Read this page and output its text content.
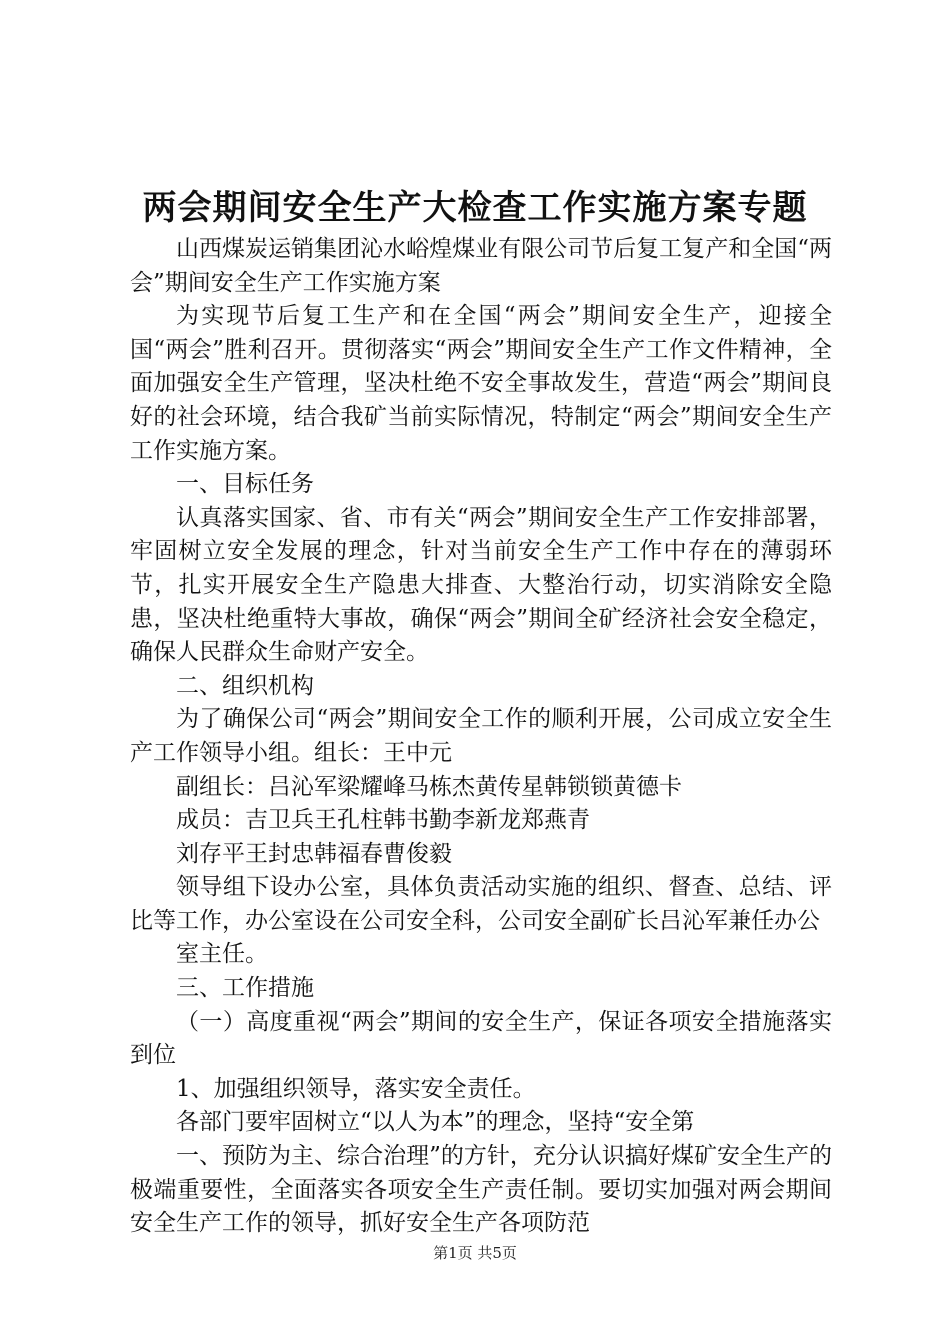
两会期间安全生产大检查工作实施方案专题

山西煤炭运销集团沁水峪煌煤业有限公司节后复工复产和全国“两会”期间安全生产工作实施方案

为实现节后复工生产和在全国“两会”期间安全生产，迎接全国“两会”胜利召开。贯彻落实“两会”期间安全生产工作文件精神，全面加强安全生产管理，坚决杜绝不安全事故发生，营造“两会”期间良好的社会环境，结合我矿当前实际情况，特制定“两会”期间安全生产工作实施方案。

一、目标任务

认真落实国家、省、市有关“两会”期间安全生产工作安排部署，牢固树立安全发展的理念，针对当前安全生产工作中存在的薄弱环节，扎实开展安全生产隐患大排查、大整治行动，切实消除安全隐患，坚决杜绝重特大事故，确保“两会”期间全矿经济社会安全稳定，确保人民群众生命财产安全。

二、组织机构

为了确保公司“两会”期间安全工作的顺利开展，公司成立安全生产工作领导小组。组长：王中元

副组长：吕沁军梁耀峰马栋杰黄传星韩锁锁黄德卡

成员：吉卫兵王孔柱韩书勤李新龙郑燕青

刘存平王封忠韩福春曹俊毅

领导组下设办公室，具体负责活动实施的组织、督查、总结、评比等工作，办公室设在公司安全科，公司安全副矿长吕沁军兼任办公

室主任。

三、工作措施

（一）高度重视“两会”期间的安全生产，保证各项安全措施落实到位

1、加强组织领导，落实安全责任。

各部门要牢固树立“以人为本”的理念，坚持“安全第

一、预防为主、综合治理”的方针，充分认识搞好煤矿安全生产的极端重要性，全面落实各项安全生产责任制。要切实加强对两会期间安全生产工作的领导，抓好安全生产各项防范

第1页 共5页
